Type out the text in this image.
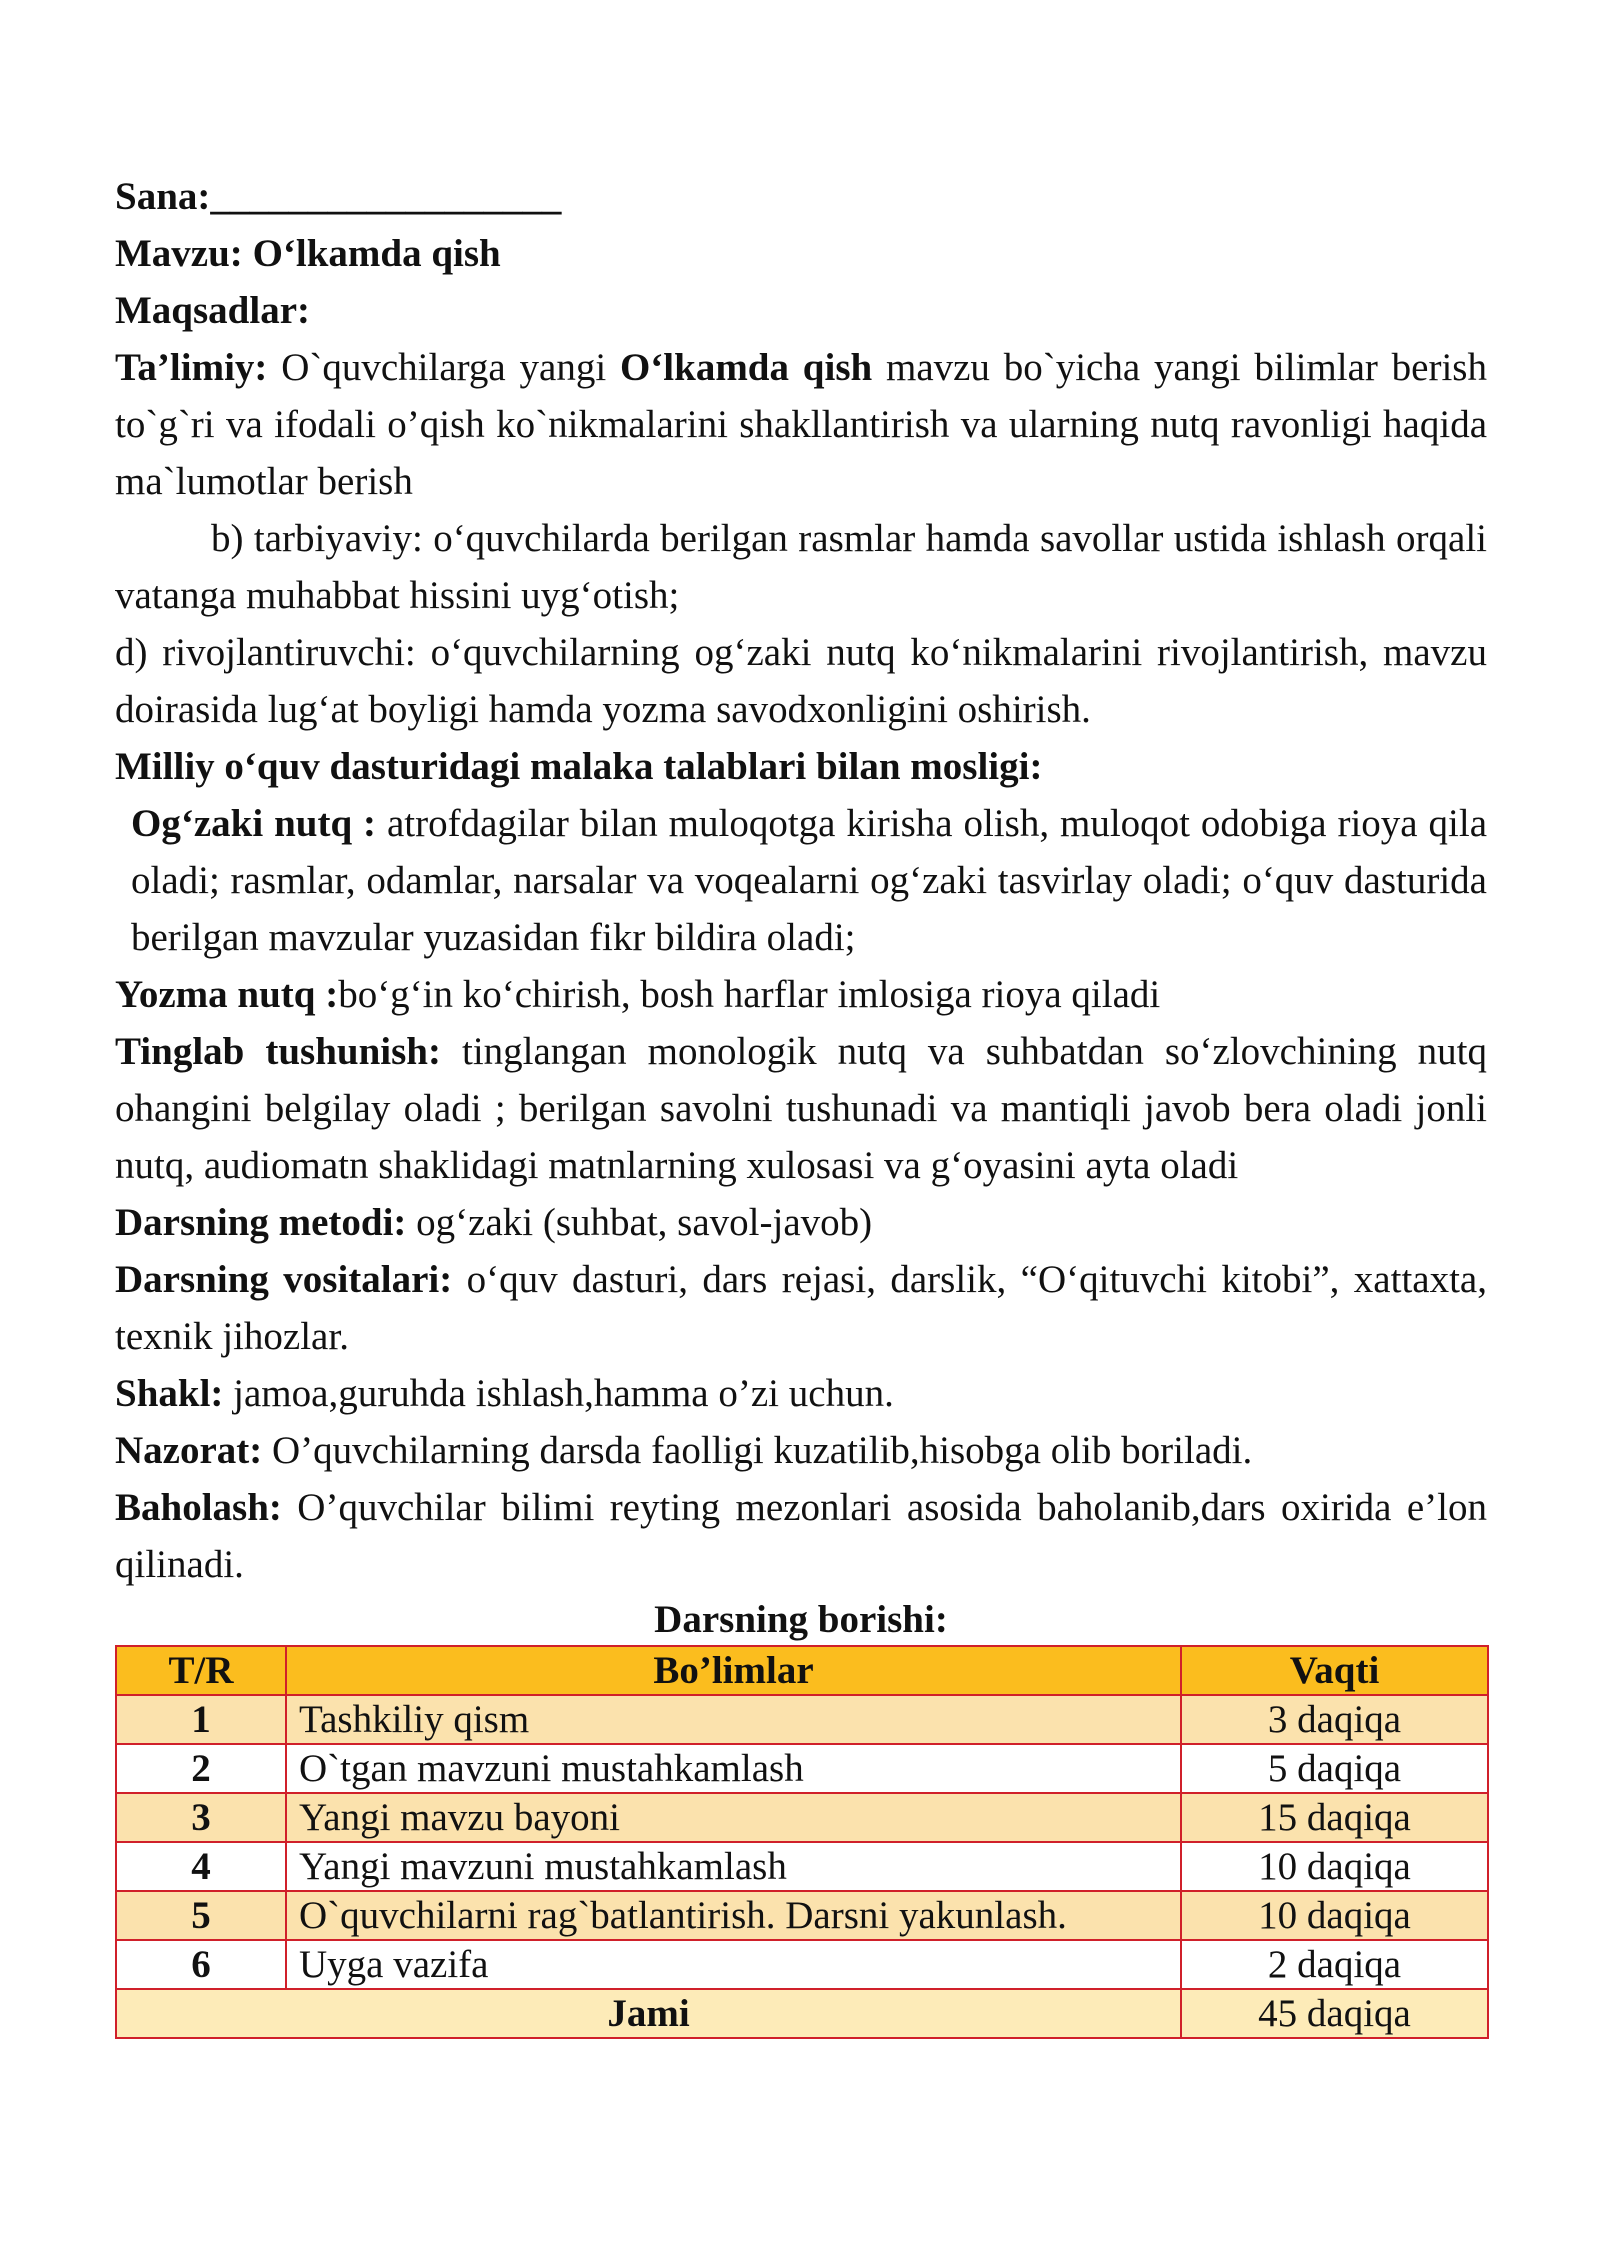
Sana:__________________

Mavzu: O‘lkamda qish

Maqsadlar:

Ta’limiy: O`quvchilarga yangi O‘lkamda qish mavzu bo`yicha yangi bilimlar berish to`g`ri va ifodali o’qish ko`nikmalarini shakllantirish va ularning nutq ravonligi haqida ma`lumotlar berish

b) tarbiyaviy: o‘quvchilarda berilgan rasmlar hamda savollar ustida ishlash orqali vatanga muhabbat hissini uyg‘otish;

d) rivojlantiruvchi: o‘quvchilarning og‘zaki nutq ko‘nikmalarini rivojlantirish, mavzu doirasida lug‘at boyligi hamda yozma savodxonligini oshirish.

Milliy o‘quv dasturidagi malaka talablari bilan mosligi:

Og‘zaki nutq : atrofdagilar bilan muloqotga kirisha olish, muloqot odobiga rioya qila oladi; rasmlar, odamlar, narsalar va voqealarni og‘zaki tasvirlay oladi; o‘quv dasturida berilgan mavzular yuzasidan fikr bildira oladi;

Yozma nutq :bo‘g‘in ko‘chirish, bosh harflar imlosiga rioya qiladi

Tinglab tushunish: tinglangan monologik nutq va suhbatdan so‘zlovchining nutq ohangini belgilay oladi ; berilgan savolni tushunadi va mantiqli javob bera oladi jonli nutq, audiomatn shaklidagi matnlarning xulosasi va g‘oyasini ayta oladi

Darsning metodi: og‘zaki (suhbat, savol-javob)

Darsning vositalari: o‘quv dasturi, dars rejasi, darslik, “O‘qituvchi kitobi”, xattaxta, texnik jihozlar.

Shakl: jamoa,guruhda ishlash,hamma o’zi uchun.

Nazorat: O’quvchilarning darsda faolligi kuzatilib,hisobga olib boriladi.

Baholash: O’quvchilar bilimi reyting mezonlari asosida baholanib,dars oxirida e’lon qilinadi.

Darsning borishi:
T/R	Bo’limlar	Vaqti
1	Tashkiliy qism	3 daqiqa
2	O`tgan mavzuni mustahkamlash	5 daqiqa
3	Yangi mavzu bayoni	15 daqiqa
4	Yangi mavzuni mustahkamlash	10 daqiqa
5	O`quvchilarni rag`batlantirish. Darsni yakunlash.	10 daqiqa
6	Uyga vazifa	2 daqiqa
Jami		45 daqiqa
